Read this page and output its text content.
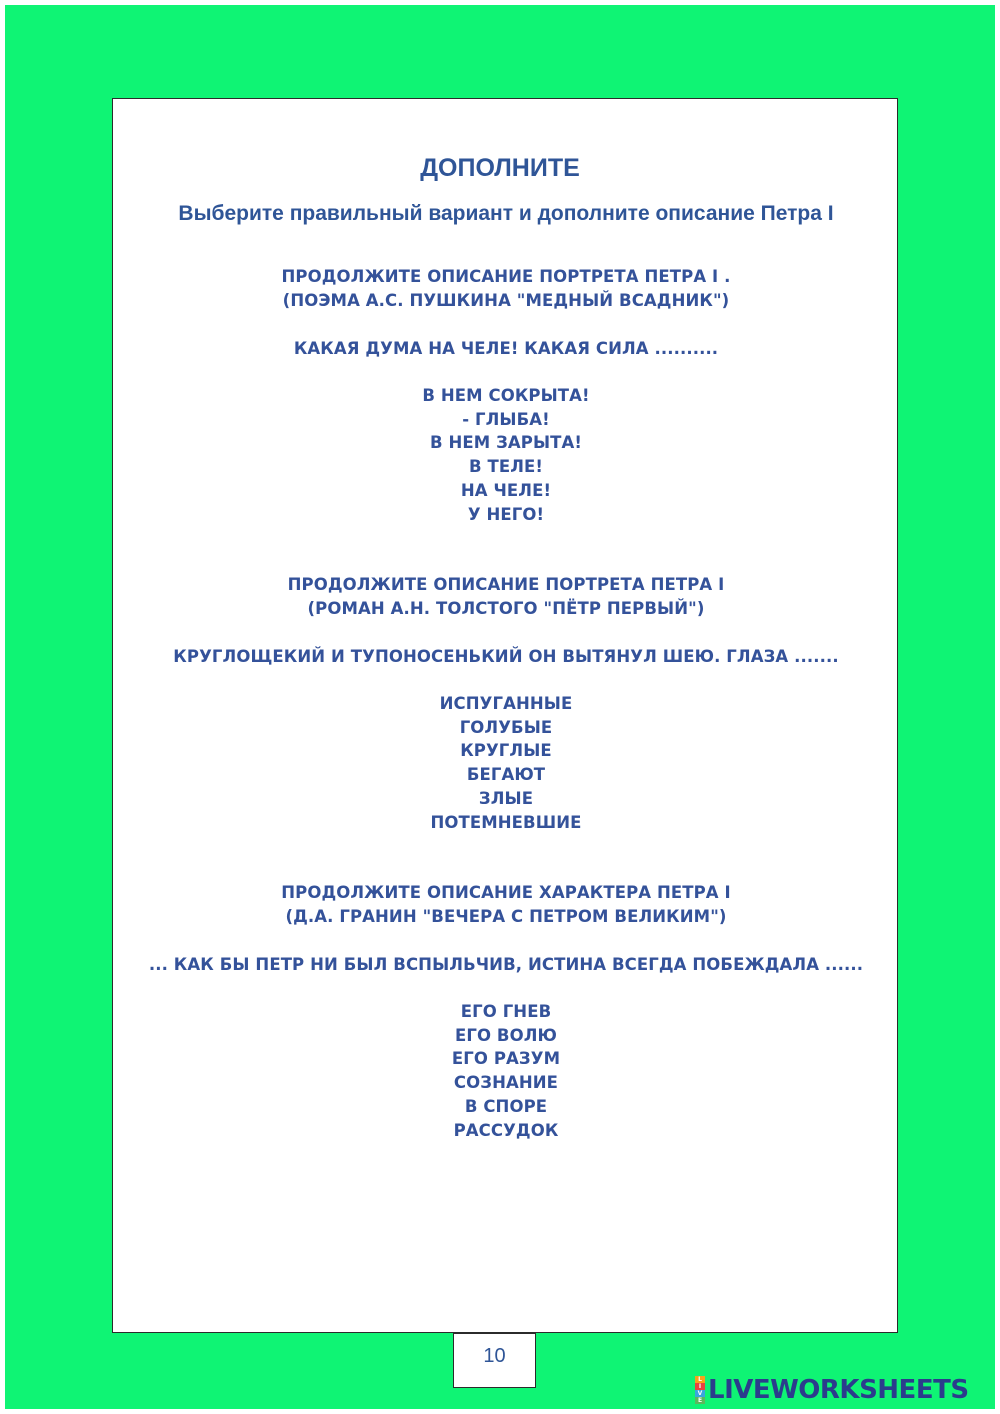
ДОПОЛНИТЕ
Выберите правильный вариант и дополните описание Петра I
ПРОДОЛЖИТЕ ОПИСАНИЕ ПОРТРЕТА ПЕТРА I .
(ПОЭМА А.С. ПУШКИНА "МЕДНЫЙ ВСАДНИК")
КАКАЯ ДУМА НА ЧЕЛЕ! КАКАЯ СИЛА ..........
В НЕМ СОКРЫТА!
- ГЛЫБА!
В НЕМ ЗАРЫТА!
В ТЕЛЕ!
НА ЧЕЛЕ!
У НЕГО!
ПРОДОЛЖИТЕ ОПИСАНИЕ ПОРТРЕТА ПЕТРА I
(РОМАН А.Н. ТОЛСТОГО "ПЁТР ПЕРВЫЙ")
КРУГЛОЩЕКИЙ И ТУПОНОСЕНЬКИЙ ОН ВЫТЯНУЛ ШЕЮ. ГЛАЗА .......
ИСПУГАННЫЕ
ГОЛУБЫЕ
КРУГЛЫЕ
БЕГАЮТ
ЗЛЫЕ
ПОТЕМНЕВШИЕ
ПРОДОЛЖИТЕ ОПИСАНИЕ ХАРАКТЕРА ПЕТРА I
(Д.А. ГРАНИН "ВЕЧЕРА С ПЕТРОМ ВЕЛИКИМ")
... КАК БЫ ПЕТР НИ БЫЛ ВСПЫЛЬЧИВ, ИСТИНА ВСЕГДА ПОБЕЖДАЛА ......
ЕГО ГНЕВ
ЕГО ВОЛЮ
ЕГО РАЗУМ
СОЗНАНИЕ
В СПОРЕ
РАССУДОК
10
L
I
V
E LIVEWORKSHEETS
